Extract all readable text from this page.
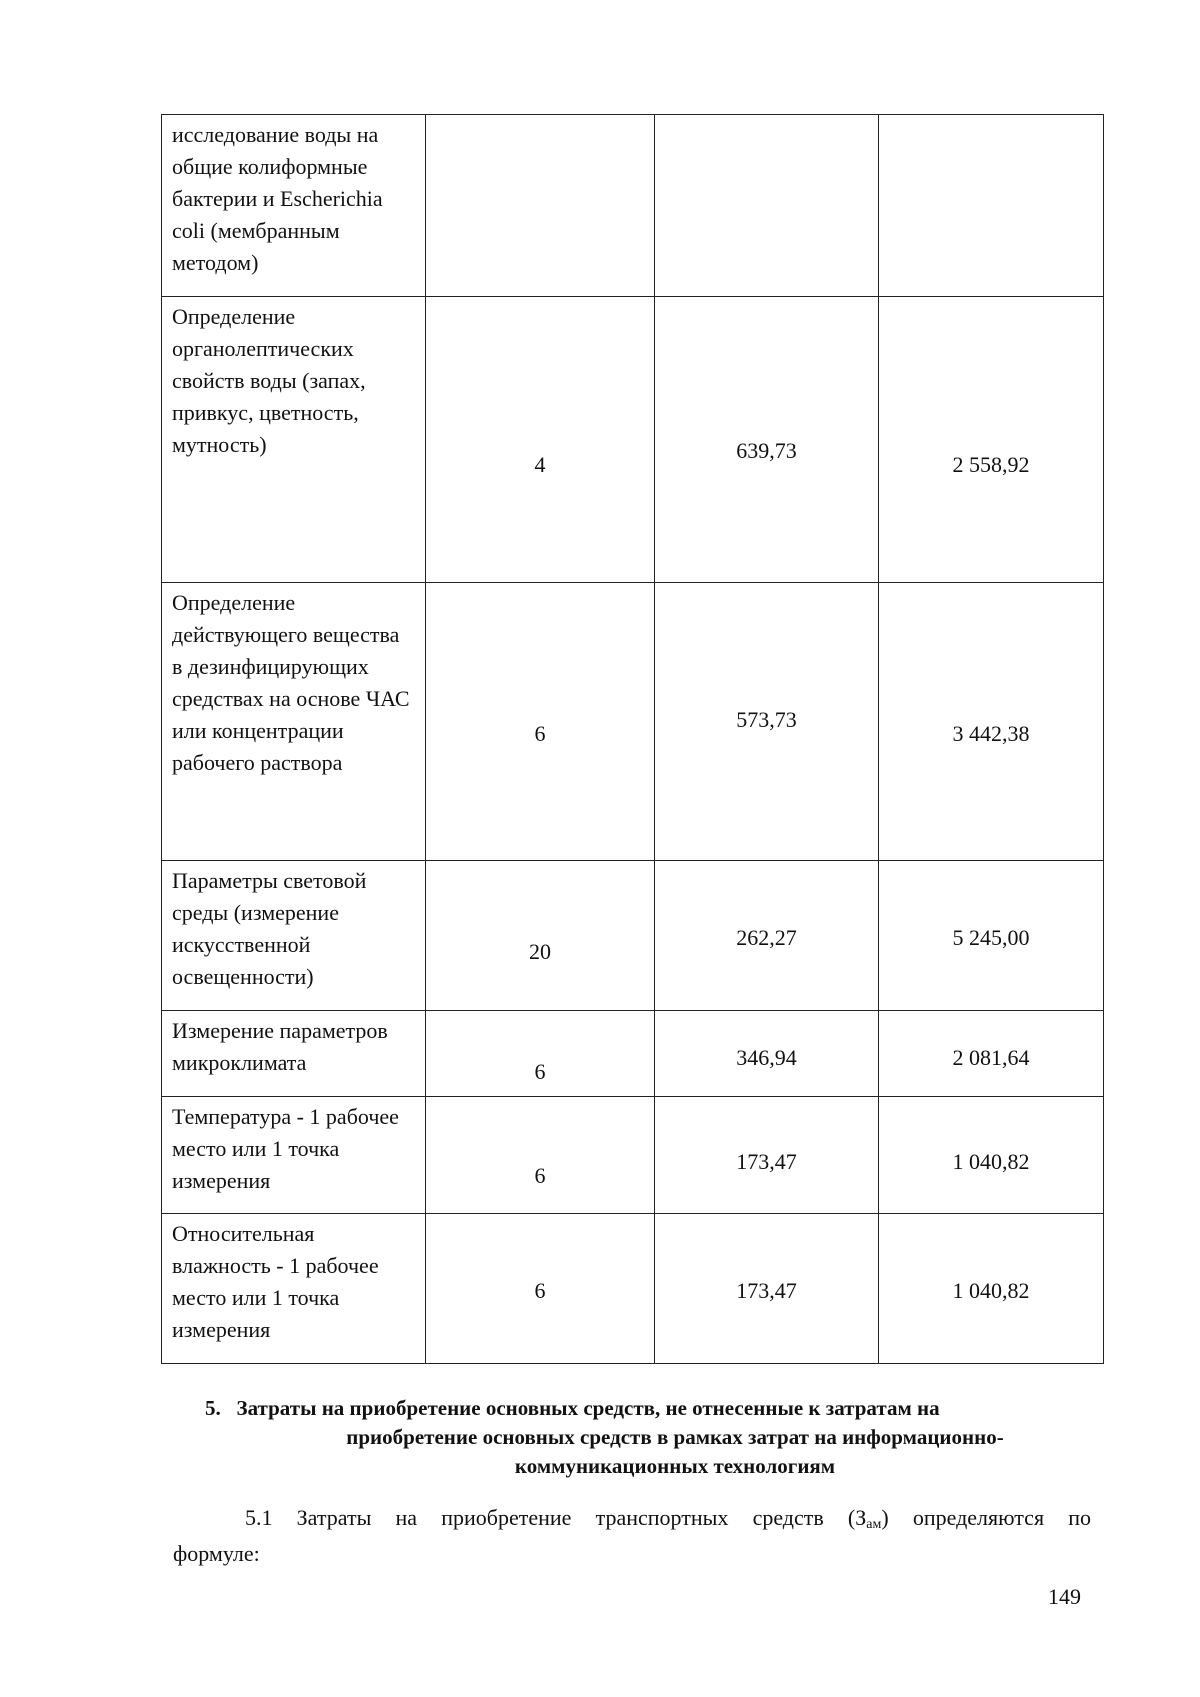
исследование воды на общие колиформные бактерии и Escherichia coli (мембранным методом)	

Определение органолептических свойств воды (запах, привкус, цветность, мутность)	4	639,73	2 558,92

Определение действующего вещества в дезинфицирующих средствах на основе ЧАС или концентрации рабочего раствора	6	573,73	3 442,38

Параметры световой среды (измерение искусственной освещенности)	20	262,27	5 245,00

Измерение параметров микроклимата	6	346,94	2 081,64

Температура - 1 рабочее место или 1 точка измерения	6	173,47	1 040,82

Относительная влажность - 1 рабочее место или 1 точка измерения	6	173,47	1 040,82
5. Затраты на приобретение основных средств, не отнесенные к затратам на
приобретение основных средств в рамках затрат на информационно-
коммуникационных технологиям
5.1 Затраты на приобретение транспортных средств $(З_{ам})$ определяются по
формуле:
149
